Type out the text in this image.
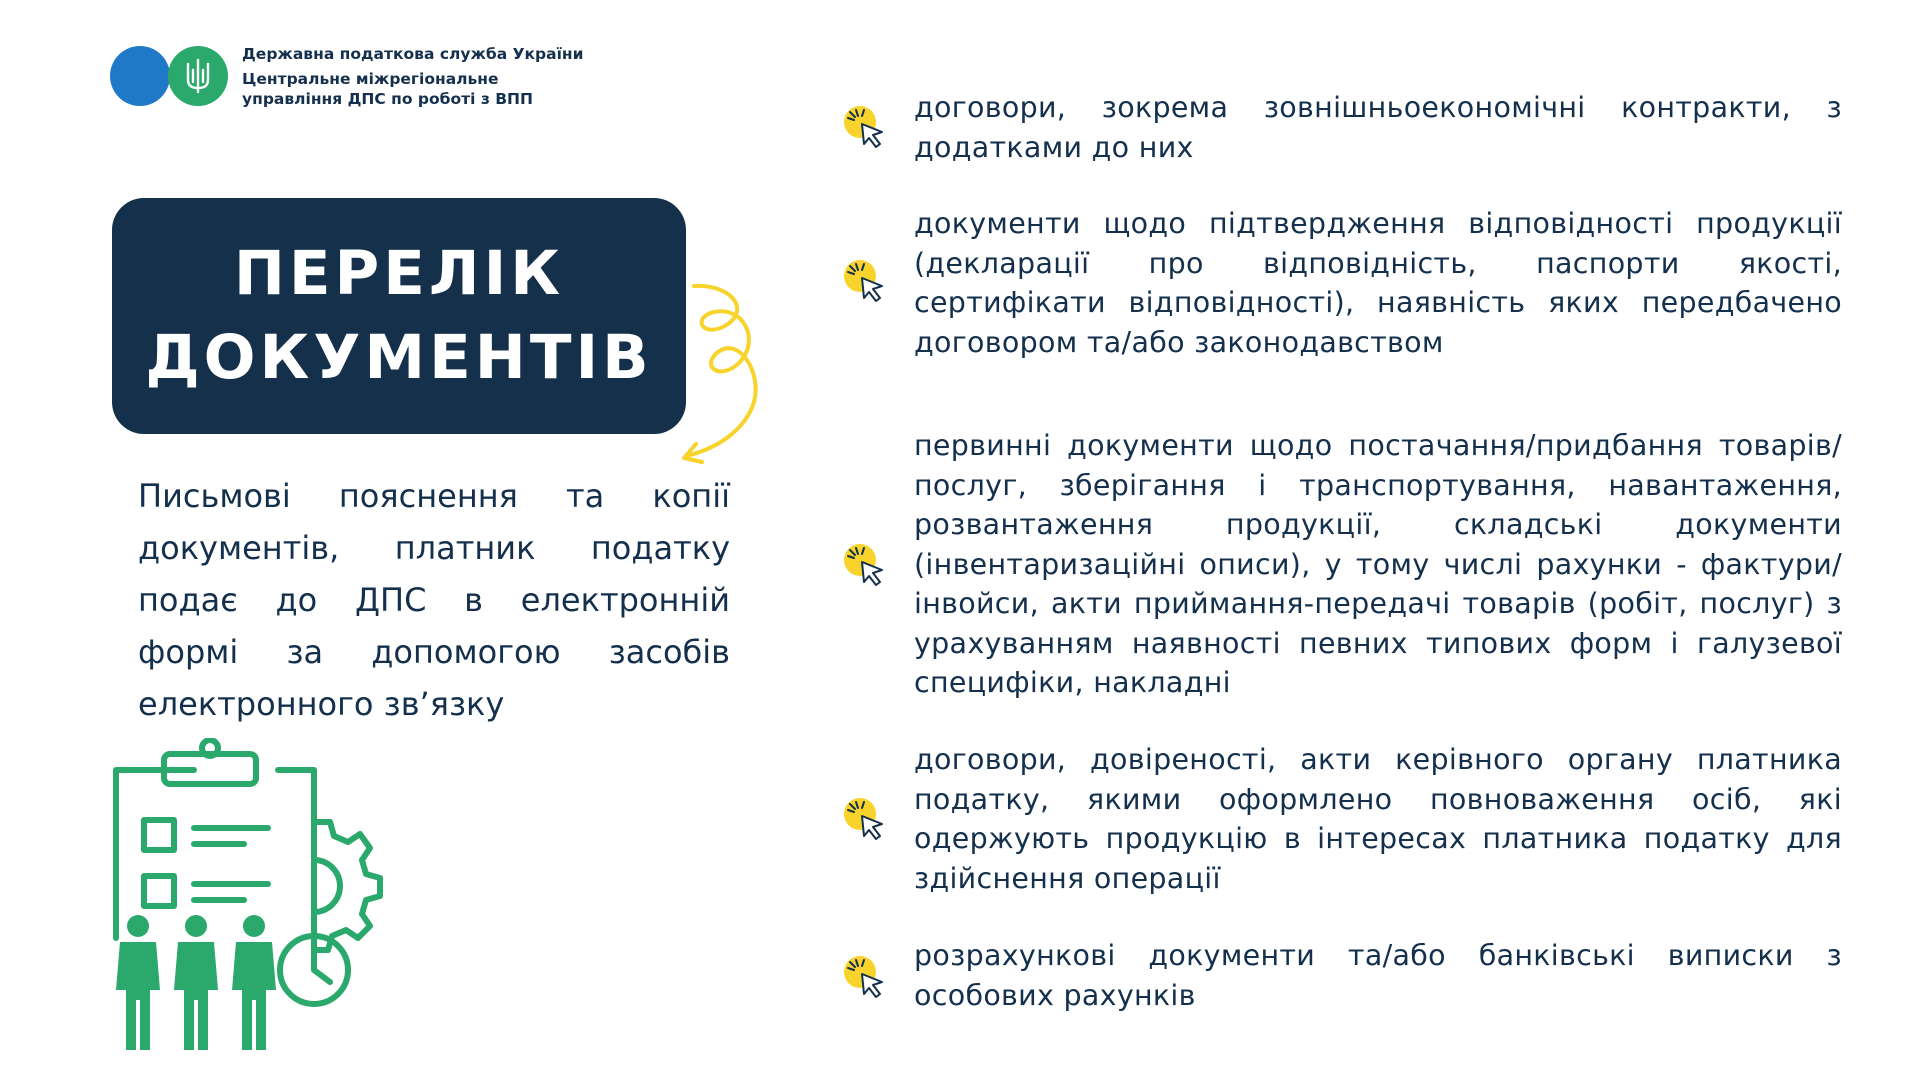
Державна податкова служба України
Центральне міжрегіональне
управління ДПС по роботі з ВПП
ПЕРЕЛІК
ДОКУМЕНТІВ
Письмові пояснення та копії документів, платник податку подає до ДПС в електронній формі за допомогою засобів електронного зв’язку
договори, зокрема зовнішньоекономічні контракти, з додатками до них
документи щодо підтвердження відповідності продукції (декларації про відповідність, паспорти якості, сертифікати відповідності), наявність яких передбачено договором та/або законодавством
первинні документи щодо постачання/придбання товарів/послуг, зберігання і транспортування, навантаження, розвантаження продукції, складські документи (інвентаризаційні описи), у тому числі рахунки - фактури/інвойси, акти приймання-передачі товарів (робіт, послуг) з урахуванням наявності певних типових форм і галузевої специфіки, накладні
договори, довіреності, акти керівного органу платника податку, якими оформлено повноваження осіб, які одержують продукцію в інтересах платника податку для здійснення операції
розрахункові документи та/або банківські виписки з особових рахунків
